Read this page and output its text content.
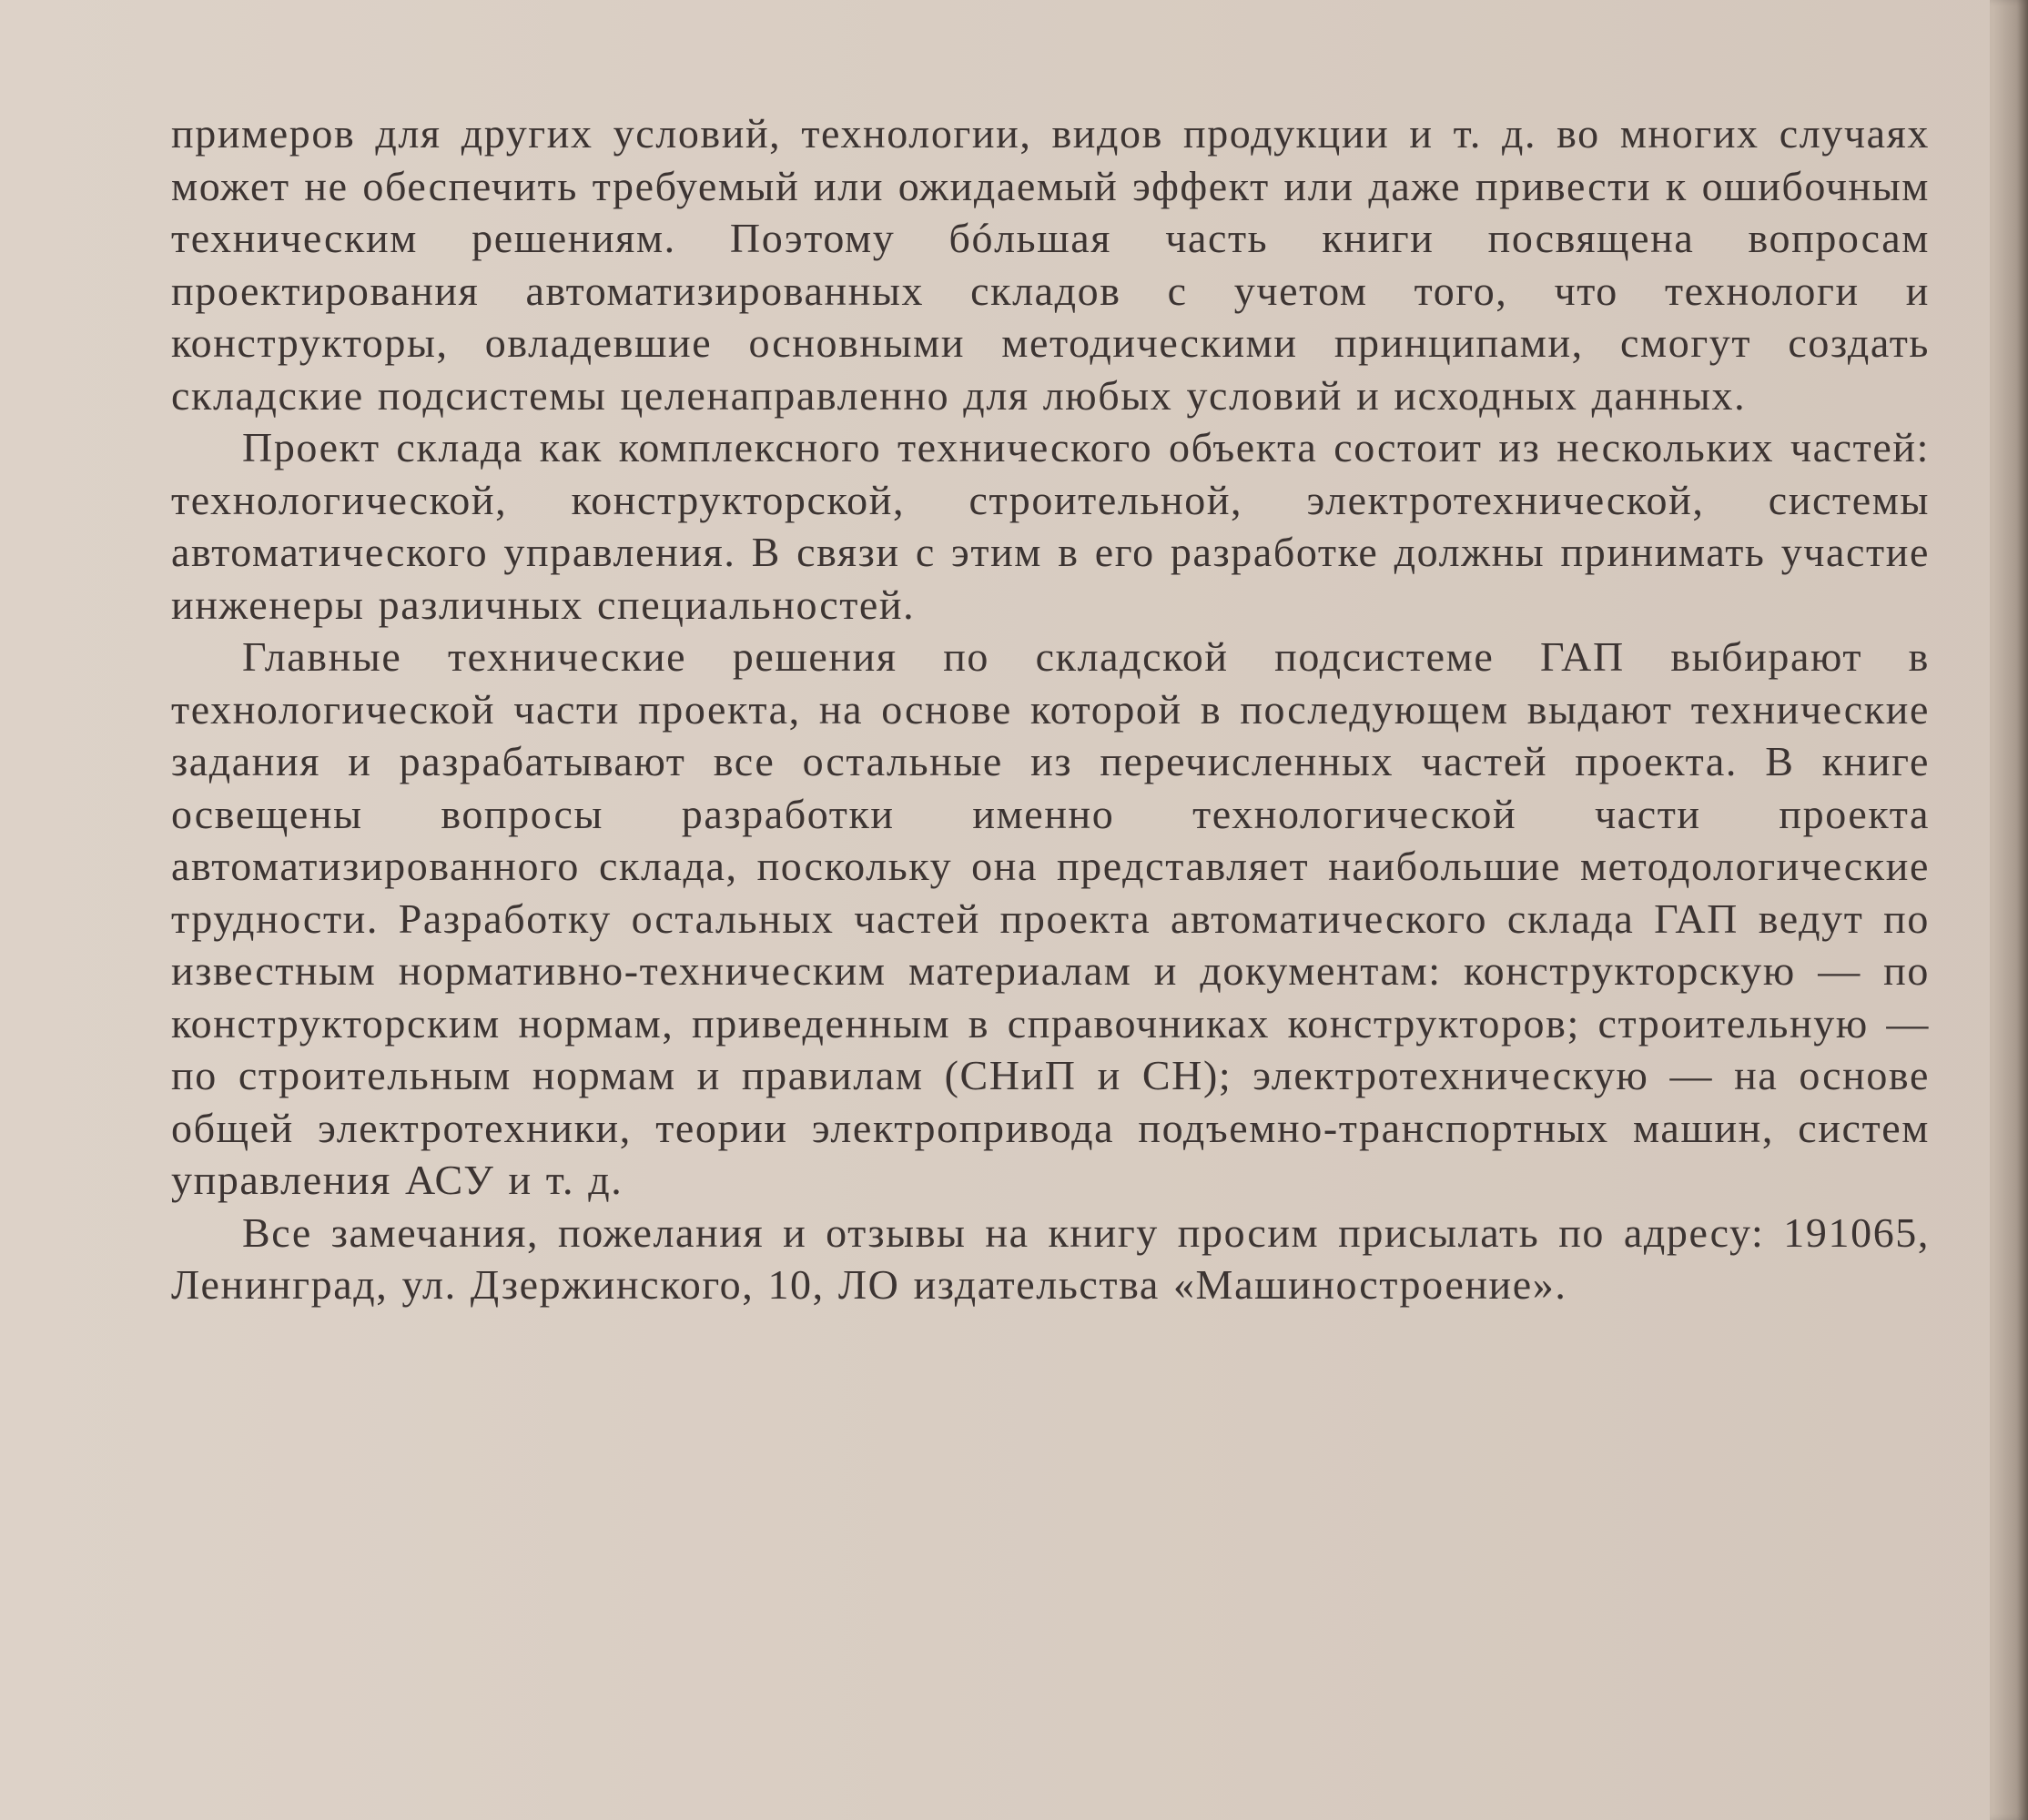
примеров для других условий, технологии, видов продукции и т. д. во многих случаях может не обеспечить требуемый или ожидаемый эффект или даже привести к ошибочным техническим решениям. Поэтому бóльшая часть книги посвящена вопросам проектирования автоматизированных складов с учетом того, что технологи и конструкторы, овладевшие основными методическими принципами, смогут создать складские подсистемы целенаправленно для любых условий и исходных данных.

Проект склада как комплексного технического объекта состоит из нескольких частей: технологической, конструкторской, строительной, электротехнической, системы автоматического управления. В связи с этим в его разработке должны принимать участие инженеры различных специальностей.

Главные технические решения по складской подсистеме ГАП выбирают в технологической части проекта, на основе которой в последующем выдают технические задания и разрабатывают все остальные из перечисленных частей проекта. В книге освещены вопросы разработки именно технологической части проекта автоматизированного склада, поскольку она представляет наибольшие методологические трудности. Разработку остальных частей проекта автоматического склада ГАП ведут по известным нормативно-техническим материалам и документам: конструкторскую — по конструкторским нормам, приведенным в справочниках конструкторов; строительную — по строительным нормам и правилам (СНиП и СН); электротехническую — на основе общей электротехники, теории электропривода подъемно-транспортных машин, систем управления АСУ и т. д.

Все замечания, пожелания и отзывы на книгу просим присылать по адресу: 191065, Ленинград, ул. Дзержинского, 10, ЛО издательства «Машиностроение».
